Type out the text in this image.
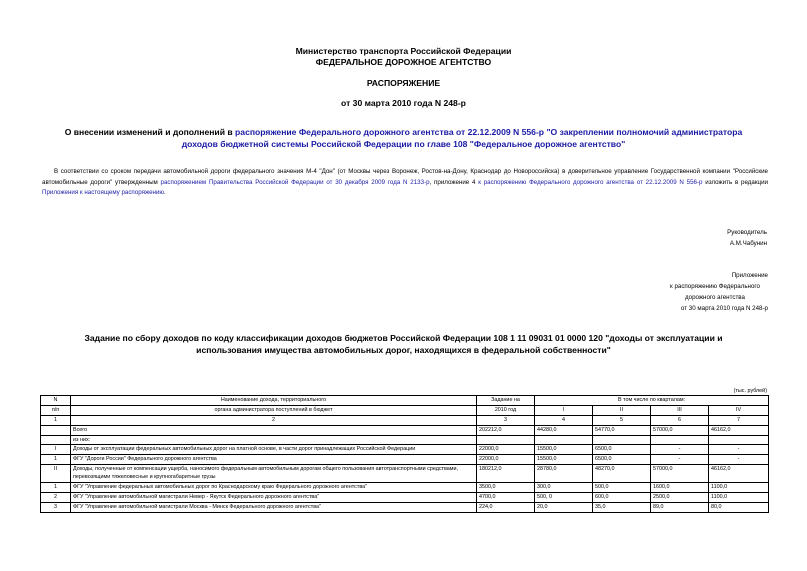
Министерство транспорта Российской Федерации
ФЕДЕРАЛЬНОЕ ДОРОЖНОЕ АГЕНТСТВО
РАСПОРЯЖЕНИЕ
от 30 марта 2010 года N 248-р
О внесении изменений и дополнений в распоряжение Федерального дорожного агентства от 22.12.2009 N 556-р "О закреплении полномочий администратора
доходов бюджетной системы Российской Федерации по главе 108 "Федеральное дорожное агентство"
В соответствии со сроком передачи автомобильной дороги федерального значения М-4 "Дон" (от Москвы через Воронеж, Ростов-на-Дону, Краснодар до Новороссийска) в доверительное управление Государственной компании "Российские автомобильные дороги" утвержденным распоряжением Правительства Российской Федерации от 30 декабря 2009 года N 2133-р, приложение 4 к распоряжению Федерального дорожного агентства от 22.12.2009 N 556-р изложить в редакции Приложения к настоящему распоряжению.
Руководитель
А.М.Чабунин
Приложение
к распоряжению Федерального
дорожного агентства
от 30 марта 2010 года N 248-р
Задание по сбору доходов по коду классификации доходов бюджетов Российской Федерации 108 1 11 09031 01 0000 120 "доходы от эксплуатации и
использования имущества автомобильных дорог, находящихся в федеральной собственности"
(тыс. рублей)
N	Наименование дохода, территориального	Задание на	В том числе по кварталам:			
п/п	органа администратора поступлений в бюджет	2010 год	I	II	III	IV
1	2	3	4	5	6	7
	Всего	202212,0	44280,0	54770,0	57000,0	46162,0
	из них:					
I	Доходы от эксплуатации федеральных автомобильных дорог на платной основе, в части дорог принадлежащих Российской Федерации	22000,0	15500,0	6500,0	-	-
1	ФГУ "Дороги России" Федерального дорожного агентства	22000,0	15500,0	6500,0	-	-
II	Доходы, полученные от компенсации ущерба, наносимого федеральным автомобильным дорогам общего пользования автотранспортными средствами, перевозящими тяжеловесные и крупногабаритные грузы	180212,0	28780,0	48270,0	57000,0	46162,0
1	ФГУ "Управление федеральных автомобильных дорог по Краснодарскому краю Федерального дорожного агентства"	3500,0	300,0	500,0	1600,0	1100,0
2	ФГУ "Управление автомобильной магистрали Невер - Якутск Федерального дорожного агентства"	4700,0	500, 0	600,0	2500,0	1100,0
3	ФГУ "Управление автомобильной магистрали Москва - Минск Федерального дорожного агентства"	224,0	20,0	35,0	89,0	80,0
